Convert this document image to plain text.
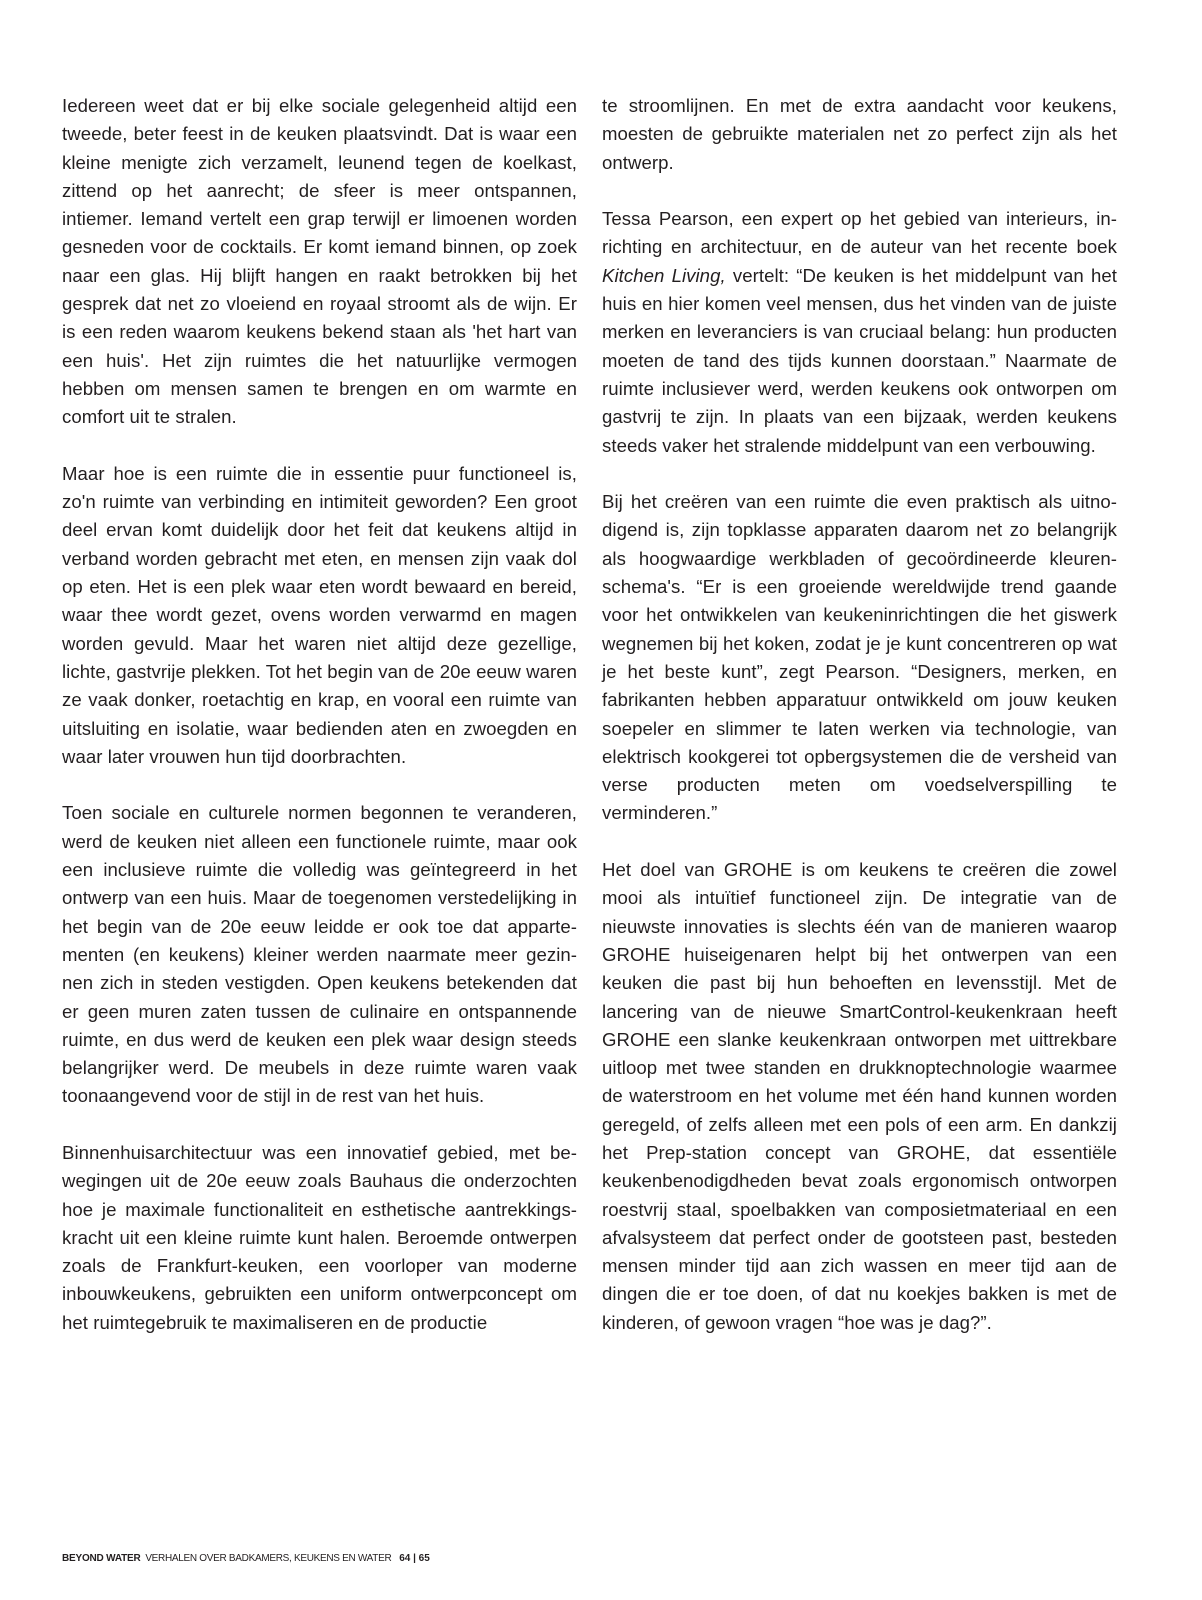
Iedereen weet dat er bij elke sociale gelegenheid altijd een tweede, beter feest in de keuken plaatsvindt. Dat is waar een kleine menigte zich verzamelt, leunend tegen de koelkast, zittend op het aanrecht; de sfeer is meer ontspannen, intiemer. Iemand vertelt een grap terwijl er limoenen worden gesneden voor de cocktails. Er komt iemand binnen, op zoek naar een glas. Hij blijft hangen en raakt betrokken bij het gesprek dat net zo vloeiend en royaal stroomt als de wijn. Er is een reden waarom keukens bekend staan als 'het hart van een huis'. Het zijn ruimtes die het natuurlijke vermogen hebben om mensen samen te brengen en om warmte en comfort uit te stralen.

Maar hoe is een ruimte die in essentie puur functioneel is, zo'n ruimte van verbinding en intimiteit geworden? Een groot deel ervan komt duidelijk door het feit dat keukens altijd in verband worden gebracht met eten, en mensen zijn vaak dol op eten. Het is een plek waar eten wordt bewaard en bereid, waar thee wordt gezet, ovens worden verwarmd en magen worden gevuld. Maar het waren niet altijd deze gezellige, lichte, gastvrije plekken. Tot het begin van de 20e eeuw waren ze vaak donker, roetachtig en krap, en vooral een ruimte van uitsluiting en isolatie, waar bedienden aten en zwoegden en waar later vrouwen hun tijd doorbrachten.

Toen sociale en culturele normen begonnen te veranderen, werd de keuken niet alleen een functionele ruimte, maar ook een inclusieve ruimte die volledig was geïntegreerd in het ontwerp van een huis. Maar de toegenomen verstedelijking in het begin van de 20e eeuw leidde er ook toe dat appartementen (en keukens) kleiner werden naarmate meer gezinnen zich in steden vestigden. Open keukens betekenden dat er geen muren zaten tussen de culinaire en ontspannende ruimte, en dus werd de keuken een plek waar design steeds belangrijker werd. De meubels in deze ruimte waren vaak toonaangevend voor de stijl in de rest van het huis.

Binnenhuisarchitectuur was een innovatief gebied, met bewegingen uit de 20e eeuw zoals Bauhaus die onderzochten hoe je maximale functionaliteit en esthetische aantrekkingskracht uit een kleine ruimte kunt halen. Beroemde ontwerpen zoals de Frankfurt-keuken, een voorloper van moderne inbouwkeukens, gebruikten een uniform ontwerpconcept om het ruimtegebruik te maximaliseren en de productie

te stroomlijnen. En met de extra aandacht voor keukens, moesten de gebruikte materialen net zo perfect zijn als het ontwerp.

Tessa Pearson, een expert op het gebied van interieurs, inrichting en architectuur, en de auteur van het recente boek Kitchen Living, vertelt: “De keuken is het middelpunt van het huis en hier komen veel mensen, dus het vinden van de juiste merken en leveranciers is van cruciaal belang: hun producten moeten de tand des tijds kunnen doorstaan.” Naarmate de ruimte inclusiever werd, werden keukens ook ontworpen om gastvrij te zijn. In plaats van een bijzaak, werden keukens steeds vaker het stralende middelpunt van een verbouwing.

Bij het creëren van een ruimte die even praktisch als uitnodigend is, zijn topklasse apparaten daarom net zo belangrijk als hoogwaardige werkbladen of gecoördineerde kleurenschema's. “Er is een groeiende wereldwijde trend gaande voor het ontwikkelen van keukeninrichtingen die het giswerk wegnemen bij het koken, zodat je je kunt concentreren op wat je het beste kunt”, zegt Pearson. “Designers, merken, en fabrikanten hebben apparatuur ontwikkeld om jouw keuken soepeler en slimmer te laten werken via technologie, van elektrisch kookgerei tot opbergsystemen die de versheid van verse producten meten om voedselverspilling te verminderen.”

Het doel van GROHE is om keukens te creëren die zowel mooi als intuïtief functioneel zijn. De integratie van de nieuwste innovaties is slechts één van de manieren waarop GROHE huiseigenaren helpt bij het ontwerpen van een keuken die past bij hun behoeften en levensstijl. Met de lancering van de nieuwe SmartControl-keukenkraan heeft GROHE een slanke keukenkraan ontworpen met uittrekbare uitloop met twee standen en drukknoptechnologie waarmee de waterstroom en het volume met één hand kunnen worden geregeld, of zelfs alleen met een pols of een arm. En dankzij het Prep-station concept van GROHE, dat essentiële keukenbenodigdheden bevat zoals ergonomisch ontworpen roestvrij staal, spoelbakken van composietmateriaal en een afvalsysteem dat perfect onder de gootsteen past, besteden mensen minder tijd aan zich wassen en meer tijd aan de dingen die er toe doen, of dat nu koekjes bakken is met de kinderen, of gewoon vragen “hoe was je dag?”.

BEYOND WATER VERHALEN OVER BADKAMERS, KEUKENS EN WATER 64 | 65
